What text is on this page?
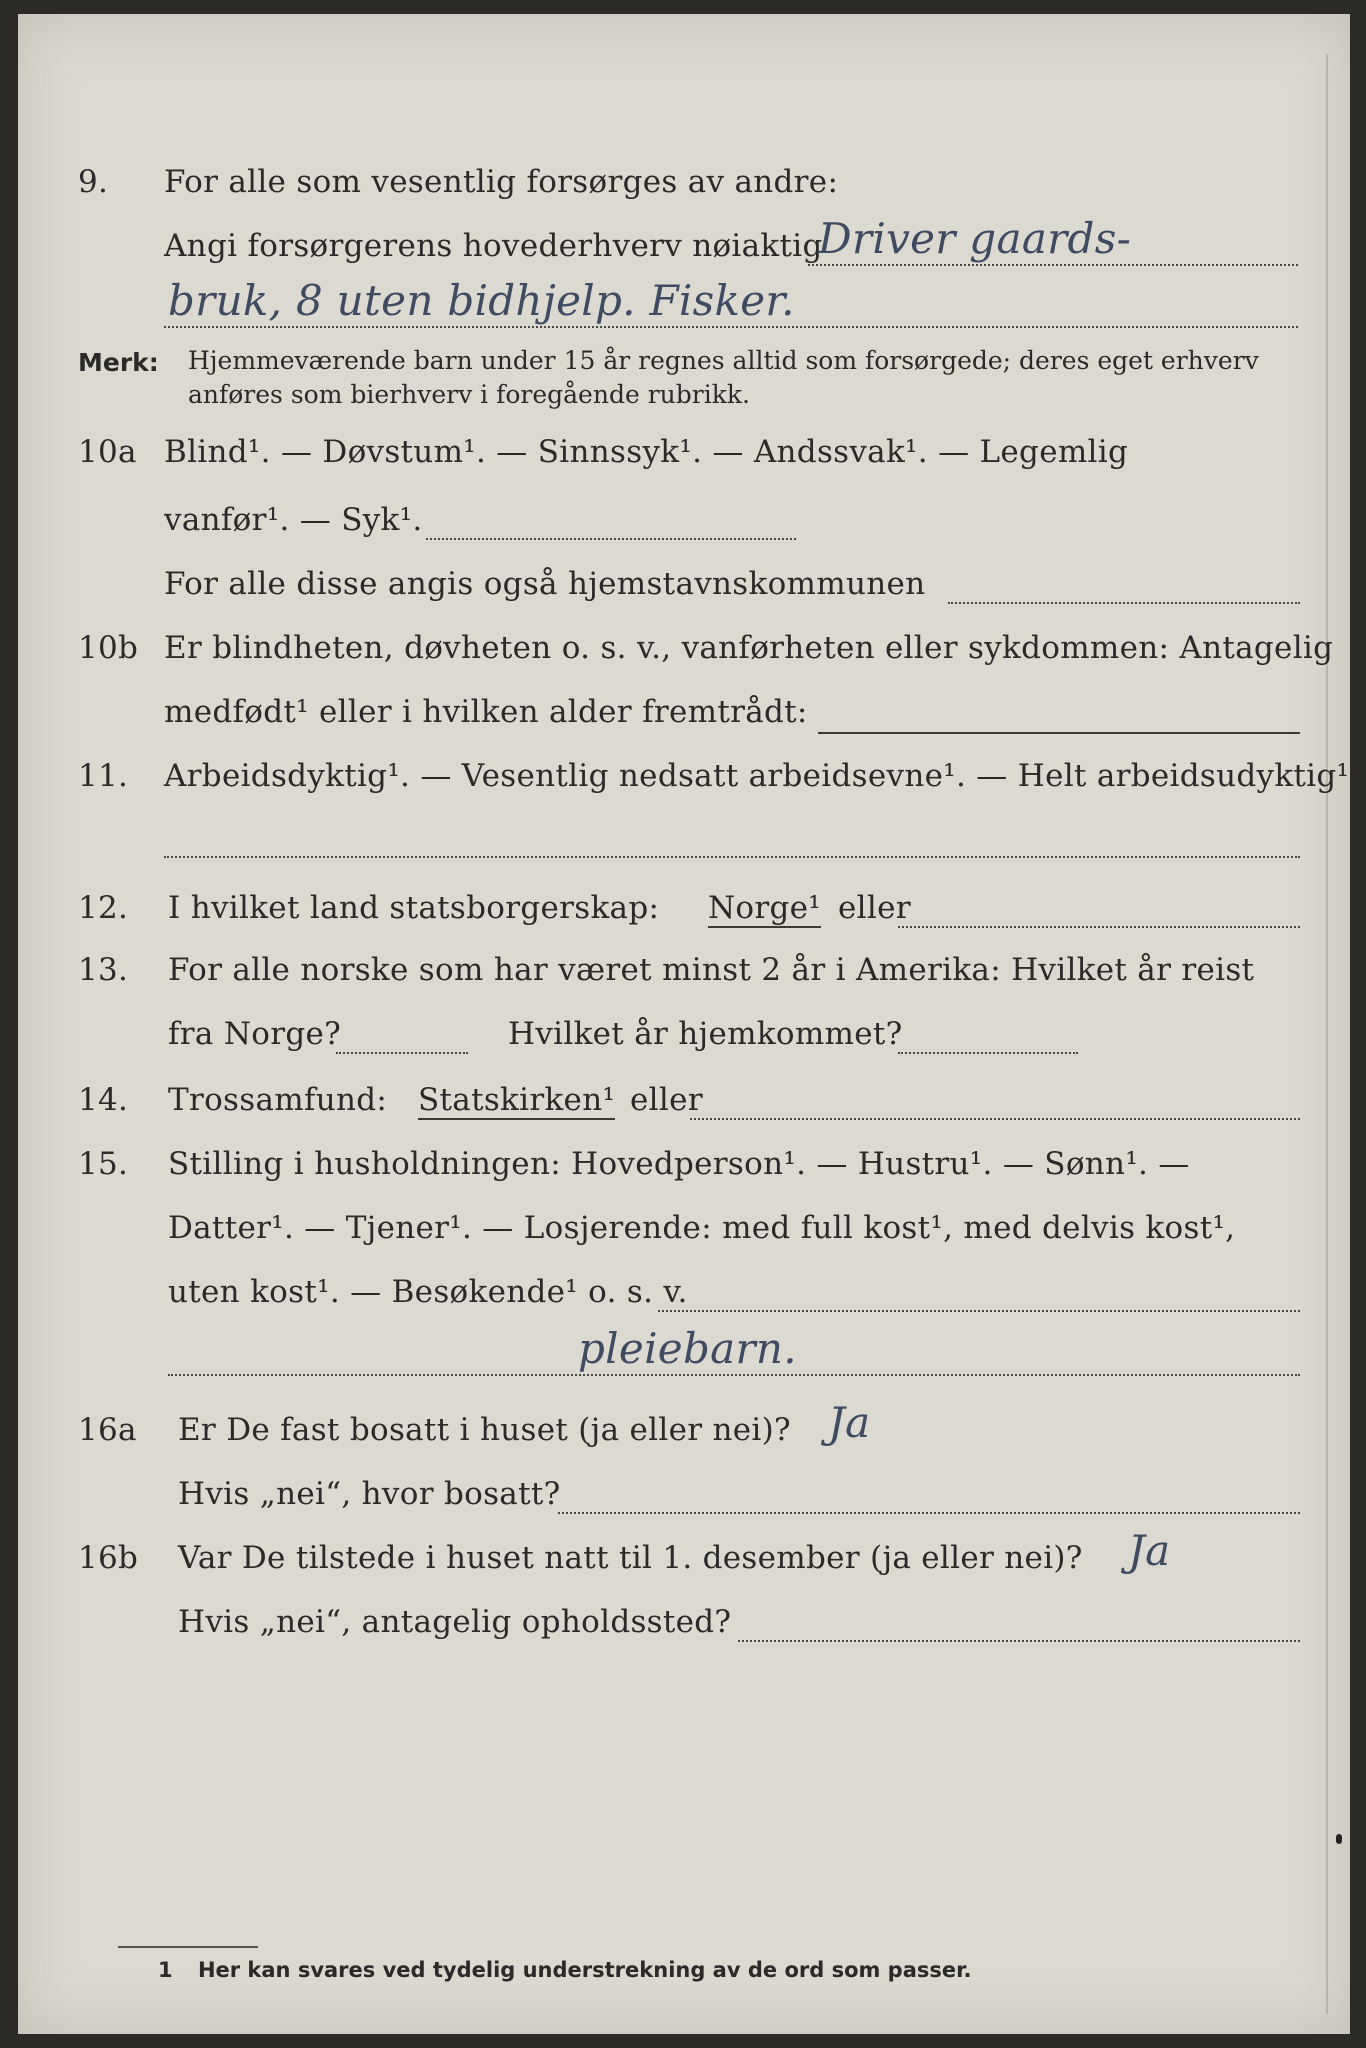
9. For alle som vesentlig forsørges av andre:
Angi forsørgerens hovederhverv nøiaktig
Driver gaards-
bruk, 8 uten bidhjelp. Fisker.
Merk: Hjemmeværende barn under 15 år regnes alltid som forsørgede; deres eget erhverv
anføres som bierhverv i foregående rubrikk.
10a Blind¹. — Døvstum¹. — Sinnssyk¹. — Andssvak¹. — Legemlig
vanfør¹. — Syk¹.
For alle disse angis også hjemstavnskommunen
10b Er blindheten, døvheten o. s. v., vanførheten eller sykdommen: Antagelig
medfødt¹ eller i hvilken alder fremtrådt:
11. Arbeidsdyktig¹. — Vesentlig nedsatt arbeidsevne¹. — Helt arbeidsudyktig¹.
12. I hvilket land statsborgerskap: Norge¹ eller
13. For alle norske som har været minst 2 år i Amerika: Hvilket år reist
fra Norge?	Hvilket år hjemkommet?
14. Trossamfund: Statskirken¹ eller
15. Stilling i husholdningen: Hovedperson¹. — Hustru¹. — Sønn¹. —
Datter¹. — Tjener¹. — Losjerende: med full kost¹, med delvis kost¹,
uten kost¹. — Besøkende¹ o. s. v.
pleiebarn.
16a Er De fast bosatt i huset (ja eller nei)? Ja
Hvis „nei“, hvor bosatt?
16b Var De tilstede i huset natt til 1. desember (ja eller nei)? Ja
Hvis „nei“, antagelig opholdssted?
1 Her kan svares ved tydelig understrekning av de ord som passer.
